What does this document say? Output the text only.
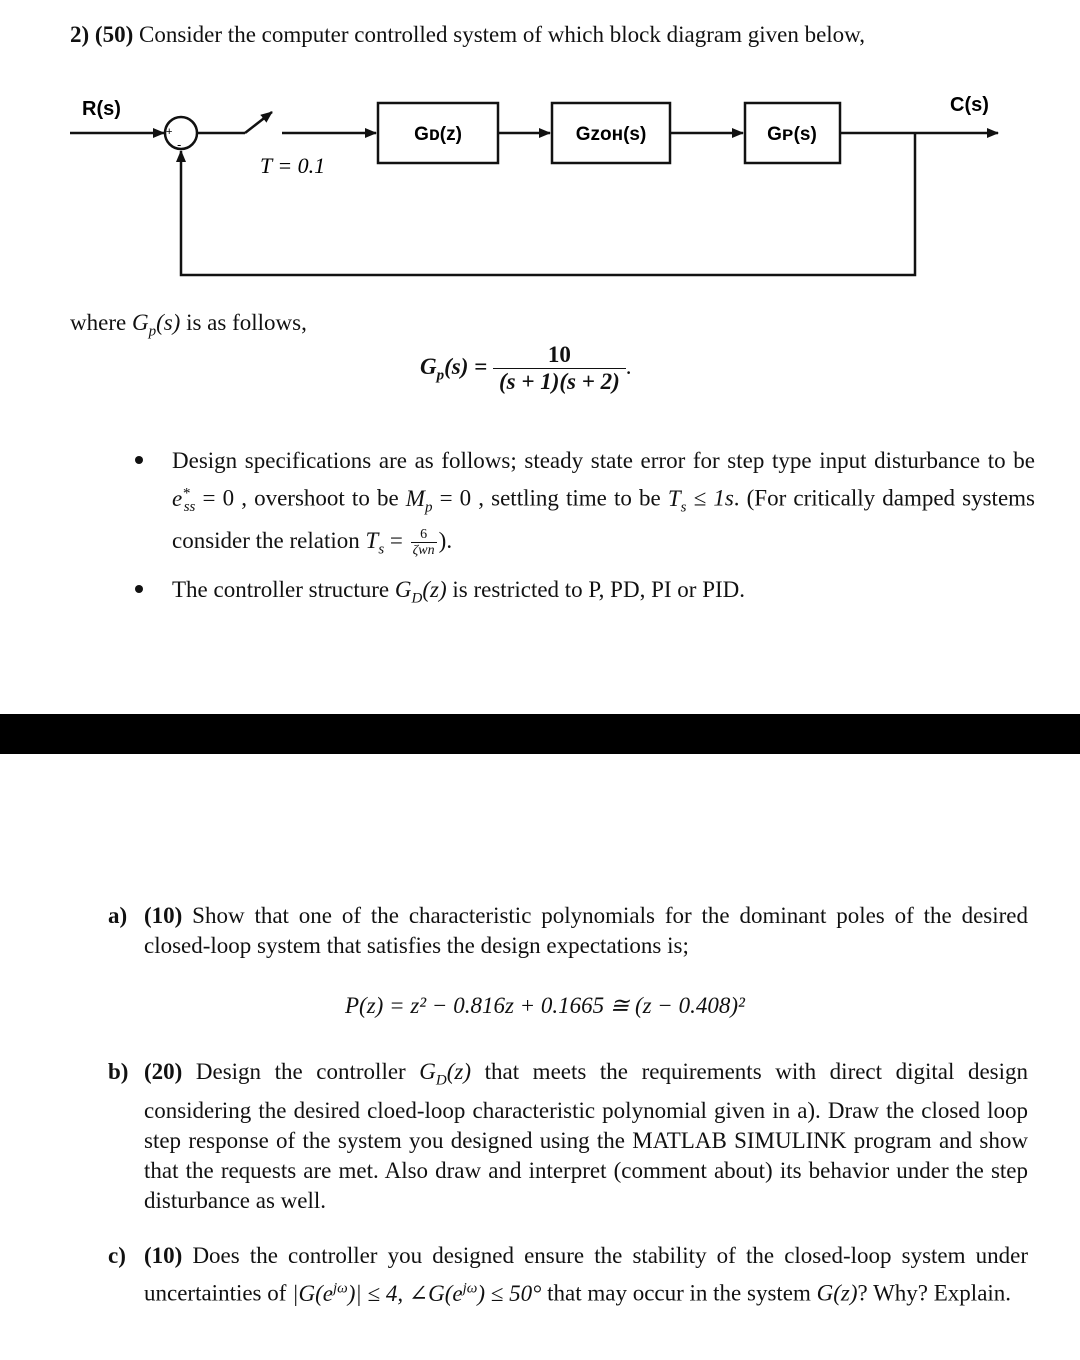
2) (50) Consider the computer controlled system of which block diagram given below,
R(s)
+
-
T = 0.1
Gᴅ(z)	Gᴢᴏʜ(s)	Gᴘ(s)
C(s)
where $G_p(s)$ is as follows,
$G_p(s) = \frac{10}{(s + 1)(s + 2)}$ .
Design specifications are as follows; steady state error for step type input disturbance to be $e^*_{ss} = 0$ , overshoot to be $M_p = 0$ , settling time to be $T_s \le 1s$. (For critically damped systems consider the relation $T_s = \frac{6}{\text{ζwn}}$ ).
The controller structure $G_D(z)$ is restricted to P, PD, PI or PID.
a) (10) Show that one of the characteristic polynomials for the dominant poles of the desired closed-loop system that satisfies the design expectations is;
P(z) = z² − 0.816z + 0.1665 ≅ (z − 0.408)²
b) (20) Design the controller $G_D(z)$ that meets the requirements with direct digital design considering the desired cloed-loop characteristic polynomial given in a). Draw the closed loop step response of the system you designed using the MATLAB SIMULINK program and show that the requests are met. Also draw and interpret (comment about) its behavior under the step disturbance as well.
c) (10) Does the controller you designed ensure the stability of the closed-loop system under uncertainties of $|G(e^{j\omega})| \le 4$, $\angle G(e^{j\omega}) \le 50^\circ$ that may occur in the system G(z)? Why? Explain.
